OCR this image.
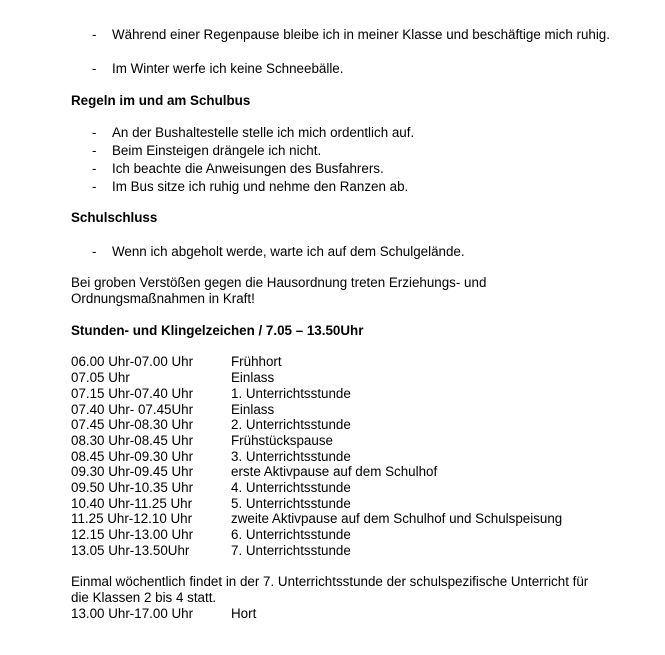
- Während einer Regenpause bleibe ich in meiner Klasse und beschäftige mich ruhig.
- Im Winter werfe ich keine Schneebälle.
Regeln im und am Schulbus
- An der Bushaltestelle stelle ich mich ordentlich auf.
- Beim Einsteigen drängele ich nicht.
- Ich beachte die Anweisungen des Busfahrers.
- Im Bus sitze ich ruhig und nehme den Ranzen ab.
Schulschluss
- Wenn ich abgeholt werde, warte ich auf dem Schulgelände.
Bei groben Verstößen gegen die Hausordnung treten Erziehungs- und Ordnungsmaßnahmen in Kraft!
Stunden- und Klingelzeichen / 7.05 – 13.50Uhr
06.00 Uhr-07.00 Uhr	Frühhort
07.05 Uhr	Einlass
07.15 Uhr-07.40 Uhr	1. Unterrichtsstunde
07.40 Uhr- 07.45Uhr	Einlass
07.45 Uhr-08.30 Uhr	2. Unterrichtsstunde
08.30 Uhr-08.45 Uhr	Frühstückspause
08.45 Uhr-09.30 Uhr	3. Unterrichtsstunde
09.30 Uhr-09.45 Uhr	erste Aktivpause auf dem Schulhof
09.50 Uhr-10.35 Uhr	4. Unterrichtsstunde
10.40 Uhr-11.25 Uhr	5. Unterrichtsstunde
11.25 Uhr-12.10 Uhr	zweite Aktivpause auf dem Schulhof und Schulspeisung
12.15 Uhr-13.00 Uhr	6. Unterrichtsstunde
13.05 Uhr-13.50Uhr	7. Unterrichtsstunde
Einmal wöchentlich findet in der 7. Unterrichtsstunde der schulspezifische Unterricht für die Klassen 2 bis 4 statt.
13.00 Uhr-17.00 Uhr	Hort
